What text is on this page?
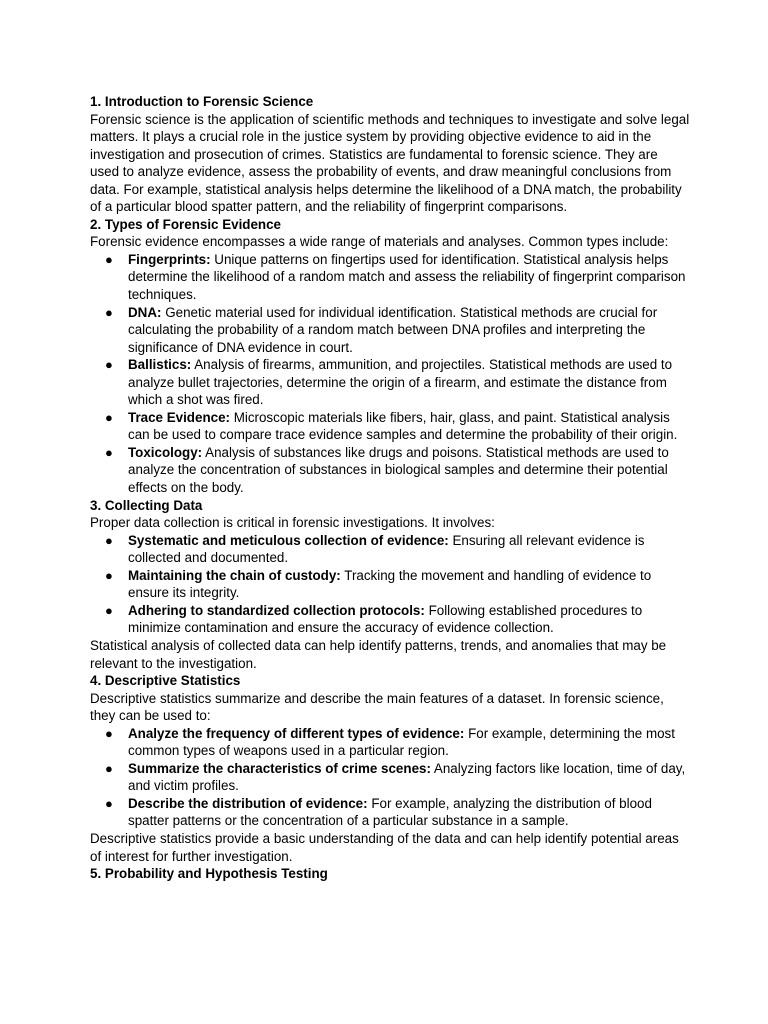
1. Introduction to Forensic Science

Forensic science is the application of scientific methods and techniques to investigate and solve legal matters. It plays a crucial role in the justice system by providing objective evidence to aid in the investigation and prosecution of crimes. Statistics are fundamental to forensic science. They are used to analyze evidence, assess the probability of events, and draw meaningful conclusions from data. For example, statistical analysis helps determine the likelihood of a DNA match, the probability of a particular blood spatter pattern, and the reliability of fingerprint comparisons.

2. Types of Forensic Evidence

Forensic evidence encompasses a wide range of materials and analyses. Common types include:

● Fingerprints: Unique patterns on fingertips used for identification. Statistical analysis helps determine the likelihood of a random match and assess the reliability of fingerprint comparison techniques.
● DNA: Genetic material used for individual identification. Statistical methods are crucial for calculating the probability of a random match between DNA profiles and interpreting the significance of DNA evidence in court.
● Ballistics: Analysis of firearms, ammunition, and projectiles. Statistical methods are used to analyze bullet trajectories, determine the origin of a firearm, and estimate the distance from which a shot was fired.
● Trace Evidence: Microscopic materials like fibers, hair, glass, and paint. Statistical analysis can be used to compare trace evidence samples and determine the probability of their origin.
● Toxicology: Analysis of substances like drugs and poisons. Statistical methods are used to analyze the concentration of substances in biological samples and determine their potential effects on the body.

3. Collecting Data

Proper data collection is critical in forensic investigations. It involves:

● Systematic and meticulous collection of evidence: Ensuring all relevant evidence is collected and documented.
● Maintaining the chain of custody: Tracking the movement and handling of evidence to ensure its integrity.
● Adhering to standardized collection protocols: Following established procedures to minimize contamination and ensure the accuracy of evidence collection.

Statistical analysis of collected data can help identify patterns, trends, and anomalies that may be relevant to the investigation.

4. Descriptive Statistics

Descriptive statistics summarize and describe the main features of a dataset. In forensic science, they can be used to:

● Analyze the frequency of different types of evidence: For example, determining the most common types of weapons used in a particular region.
● Summarize the characteristics of crime scenes: Analyzing factors like location, time of day, and victim profiles.
● Describe the distribution of evidence: For example, analyzing the distribution of blood spatter patterns or the concentration of a particular substance in a sample.

Descriptive statistics provide a basic understanding of the data and can help identify potential areas of interest for further investigation.

5. Probability and Hypothesis Testing
